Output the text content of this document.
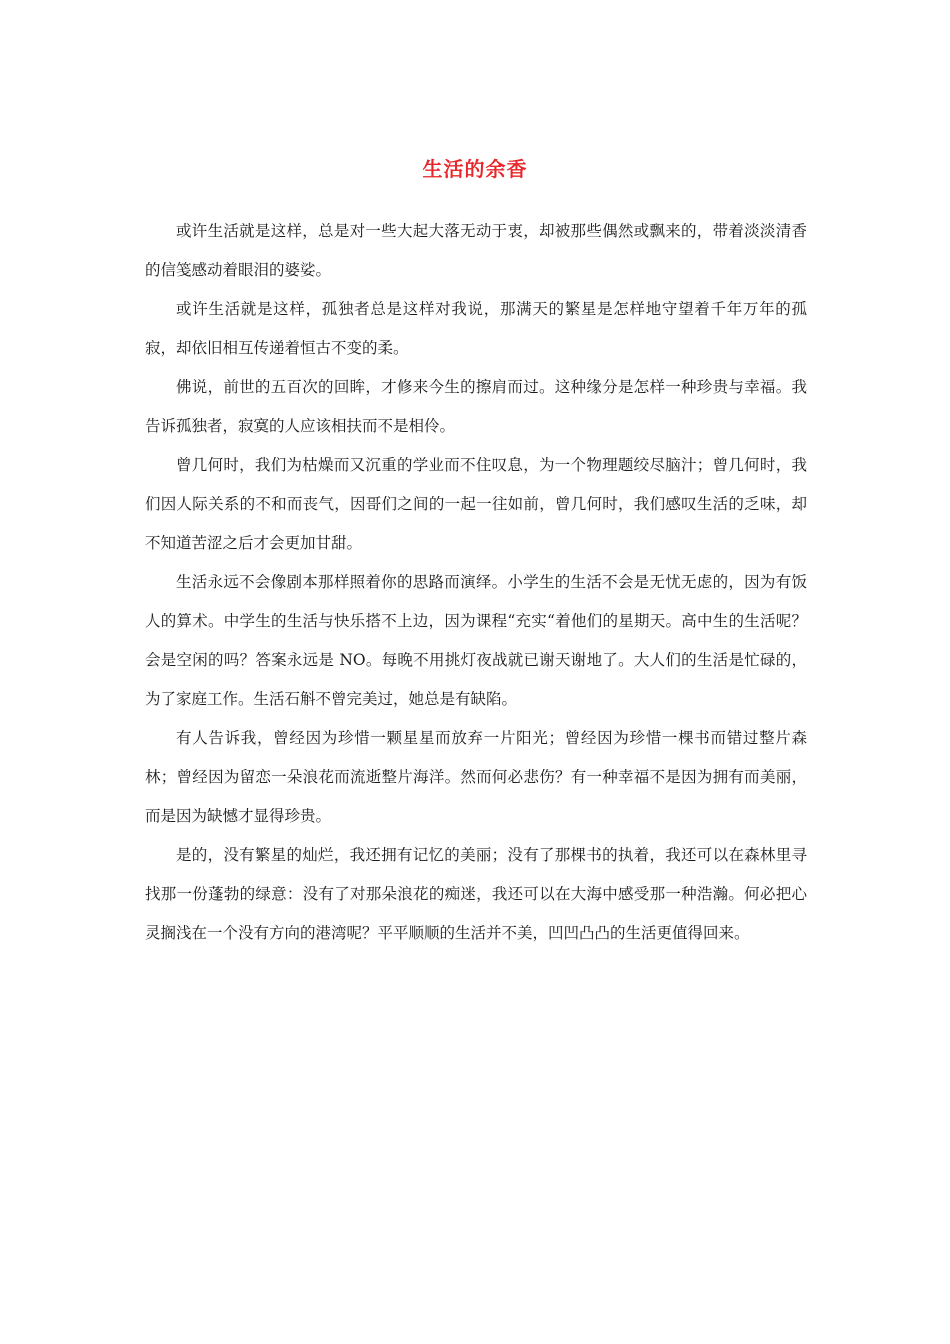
生活的余香

或许生活就是这样，总是对一些大起大落无动于衷，却被那些偶然或飘来的，带着淡淡清香的信笺感动着眼泪的婆娑。

或许生活就是这样，孤独者总是这样对我说，那满天的繁星是怎样地守望着千年万年的孤寂，却依旧相互传递着恒古不变的柔。

佛说，前世的五百次的回眸，才修来今生的擦肩而过。这种缘分是怎样一种珍贵与幸福。我告诉孤独者，寂寞的人应该相扶而不是相伶。

曾几何时，我们为枯燥而又沉重的学业而不住叹息，为一个物理题绞尽脑汁；曾几何时，我们因人际关系的不和而丧气，因哥们之间的一起一往如前，曾几何时，我们感叹生活的乏味，却不知道苦涩之后才会更加甘甜。

生活永远不会像剧本那样照着你的思路而演绎。小学生的生活不会是无忧无虑的，因为有饭人的算术。中学生的生活与快乐搭不上边，因为课程“充实“着他们的星期天。高中生的生活呢？会是空闲的吗？答案永远是 NO。每晚不用挑灯夜战就已谢天谢地了。大人们的生活是忙碌的，为了家庭工作。生活石斛不曾完美过，她总是有缺陷。

有人告诉我，曾经因为珍惜一颗星星而放弃一片阳光；曾经因为珍惜一棵书而错过整片森林；曾经因为留恋一朵浪花而流逝整片海洋。然而何必悲伤？有一种幸福不是因为拥有而美丽，而是因为缺憾才显得珍贵。

是的，没有繁星的灿烂，我还拥有记忆的美丽；没有了那棵书的执着，我还可以在森林里寻找那一份蓬勃的绿意：没有了对那朵浪花的痴迷，我还可以在大海中感受那一种浩瀚。何必把心灵搁浅在一个没有方向的港湾呢？平平顺顺的生活并不美，凹凹凸凸的生活更值得回来。
